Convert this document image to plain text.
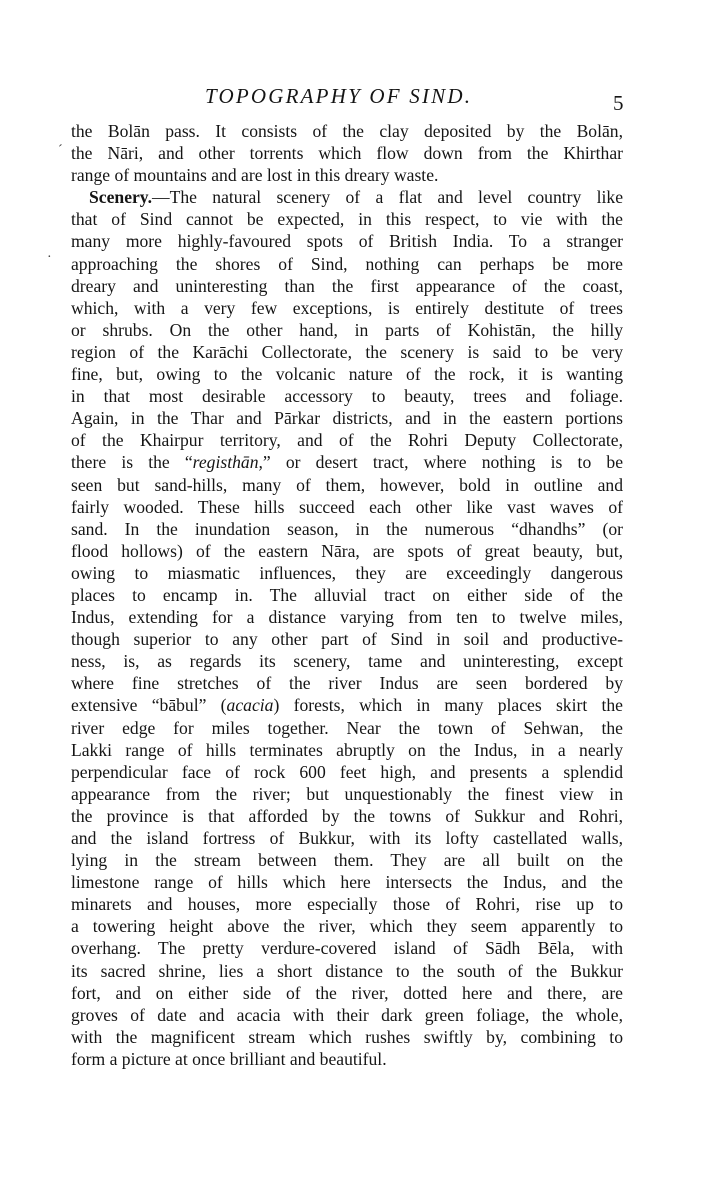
TOPOGRAPHY OF SIND.	5
ˊ
·
the Bolān pass. It consists of the clay deposited by the Bolān,
the Nāri, and other torrents which flow down from the Khirthar
range of mountains and are lost in this dreary waste.
Scenery.—The natural scenery of a flat and level country like
that of Sind cannot be expected, in this respect, to vie with the
many more highly-favoured spots of British India. To a stranger
approaching the shores of Sind, nothing can perhaps be more
dreary and uninteresting than the first appearance of the coast,
which, with a very few exceptions, is entirely destitute of trees
or shrubs. On the other hand, in parts of Kohistān, the hilly
region of the Karāchi Collectorate, the scenery is said to be very
fine, but, owing to the volcanic nature of the rock, it is wanting
in that most desirable accessory to beauty, trees and foliage.
Again, in the Thar and Pārkar districts, and in the eastern portions
of the Khairpur territory, and of the Rohri Deputy Collectorate,
there is the “registhān,” or desert tract, where nothing is to be
seen but sand-hills, many of them, however, bold in outline and
fairly wooded. These hills succeed each other like vast waves of
sand. In the inundation season, in the numerous “dhandhs” (or
flood hollows) of the eastern Nāra, are spots of great beauty, but,
owing to miasmatic influences, they are exceedingly dangerous
places to encamp in. The alluvial tract on either side of the
Indus, extending for a distance varying from ten to twelve miles,
though superior to any other part of Sind in soil and productive-
ness, is, as regards its scenery, tame and uninteresting, except
where fine stretches of the river Indus are seen bordered by
extensive “bābul” (acacia) forests, which in many places skirt the
river edge for miles together. Near the town of Sehwan, the
Lakki range of hills terminates abruptly on the Indus, in a nearly
perpendicular face of rock 600 feet high, and presents a splendid
appearance from the river; but unquestionably the finest view in
the province is that afforded by the towns of Sukkur and Rohri,
and the island fortress of Bukkur, with its lofty castellated walls,
lying in the stream between them. They are all built on the
limestone range of hills which here intersects the Indus, and the
minarets and houses, more especially those of Rohri, rise up to
a towering height above the river, which they seem apparently to
overhang. The pretty verdure-covered island of Sādh Bēla, with
its sacred shrine, lies a short distance to the south of the Bukkur
fort, and on either side of the river, dotted here and there, are
groves of date and acacia with their dark green foliage, the whole,
with the magnificent stream which rushes swiftly by, combining to
form a picture at once brilliant and beautiful.
